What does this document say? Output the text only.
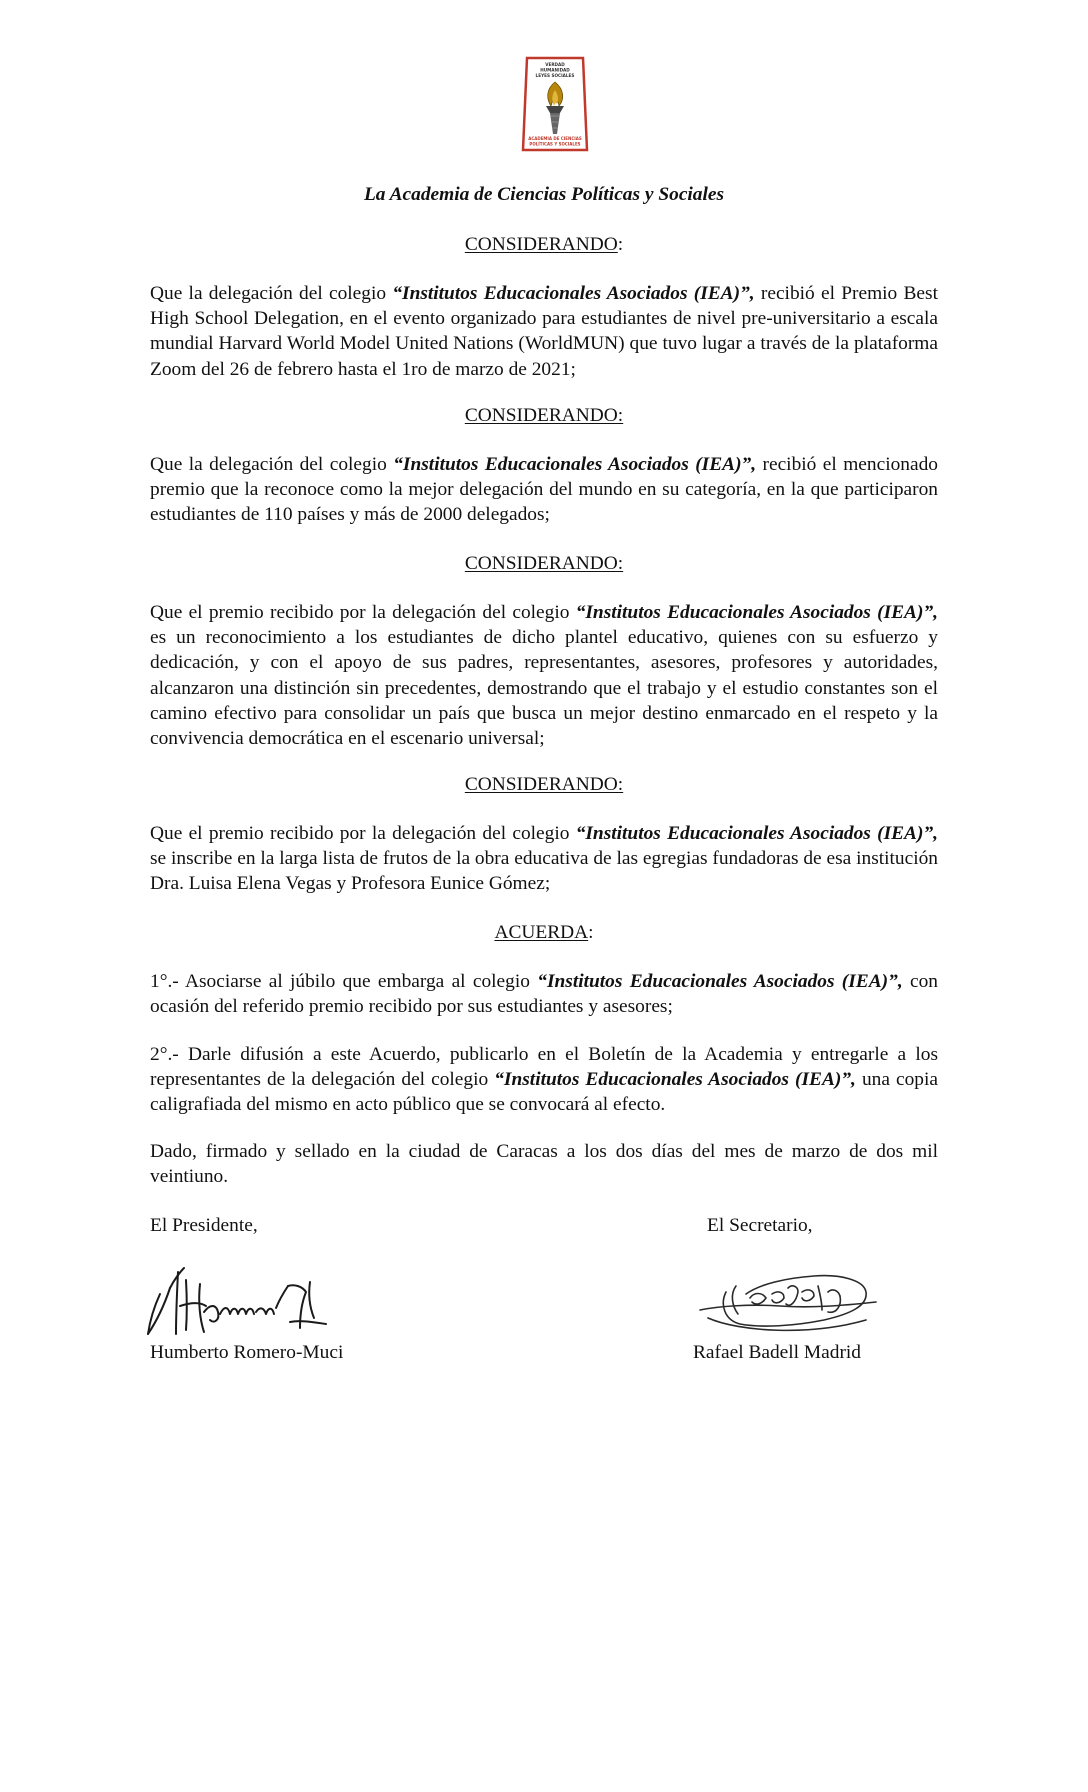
VERDAD
HUMANIDAD
LEYES SOCIALES
ACADEMIA DE CIENCIAS
POLÍTICAS Y SOCIALES
La Academia de Ciencias Políticas y Sociales
CONSIDERANDO:
Que la delegación del colegio “Institutos Educacionales Asociados (IEA)”, recibió el Premio Best High School Delegation, en el evento organizado para estudiantes de nivel pre-universitario a escala mundial Harvard World Model United Nations (WorldMUN) que tuvo lugar a través de la plataforma Zoom del 26 de febrero hasta el 1ro de marzo de 2021;
CONSIDERANDO:
Que la delegación del colegio “Institutos Educacionales Asociados (IEA)”, recibió el mencionado premio que la reconoce como la mejor delegación del mundo en su categoría, en la que participaron estudiantes de 110 países y más de 2000 delegados;
CONSIDERANDO:
Que el premio recibido por la delegación del colegio “Institutos Educacionales Asociados (IEA)”, es un reconocimiento a los estudiantes de dicho plantel educativo, quienes con su esfuerzo y dedicación, y con el apoyo de sus padres, representantes, asesores, profesores y autoridades, alcanzaron una distinción sin precedentes, demostrando que el trabajo y el estudio constantes son el camino efectivo para consolidar un país que busca un mejor destino enmarcado en el respeto y la convivencia democrática en el escenario universal;
CONSIDERANDO:
Que el premio recibido por la delegación del colegio “Institutos Educacionales Asociados (IEA)”, se inscribe en la larga lista de frutos de la obra educativa de las egregias fundadoras de esa institución Dra. Luisa Elena Vegas y Profesora Eunice Gómez;
ACUERDA:
1°.- Asociarse al júbilo que embarga al colegio “Institutos Educacionales Asociados (IEA)”, con ocasión del referido premio recibido por sus estudiantes y asesores;
2°.- Darle difusión a este Acuerdo, publicarlo en el Boletín de la Academia y entregarle a los representantes de la delegación del colegio “Institutos Educacionales Asociados (IEA)”, una copia caligrafiada del mismo en acto público que se convocará al efecto.
Dado, firmado y sellado en la ciudad de Caracas a los dos días del mes de marzo de dos mil veintiuno.
El Presidente,	El Secretario,
Humberto Romero-Muci	Rafael Badell Madrid
